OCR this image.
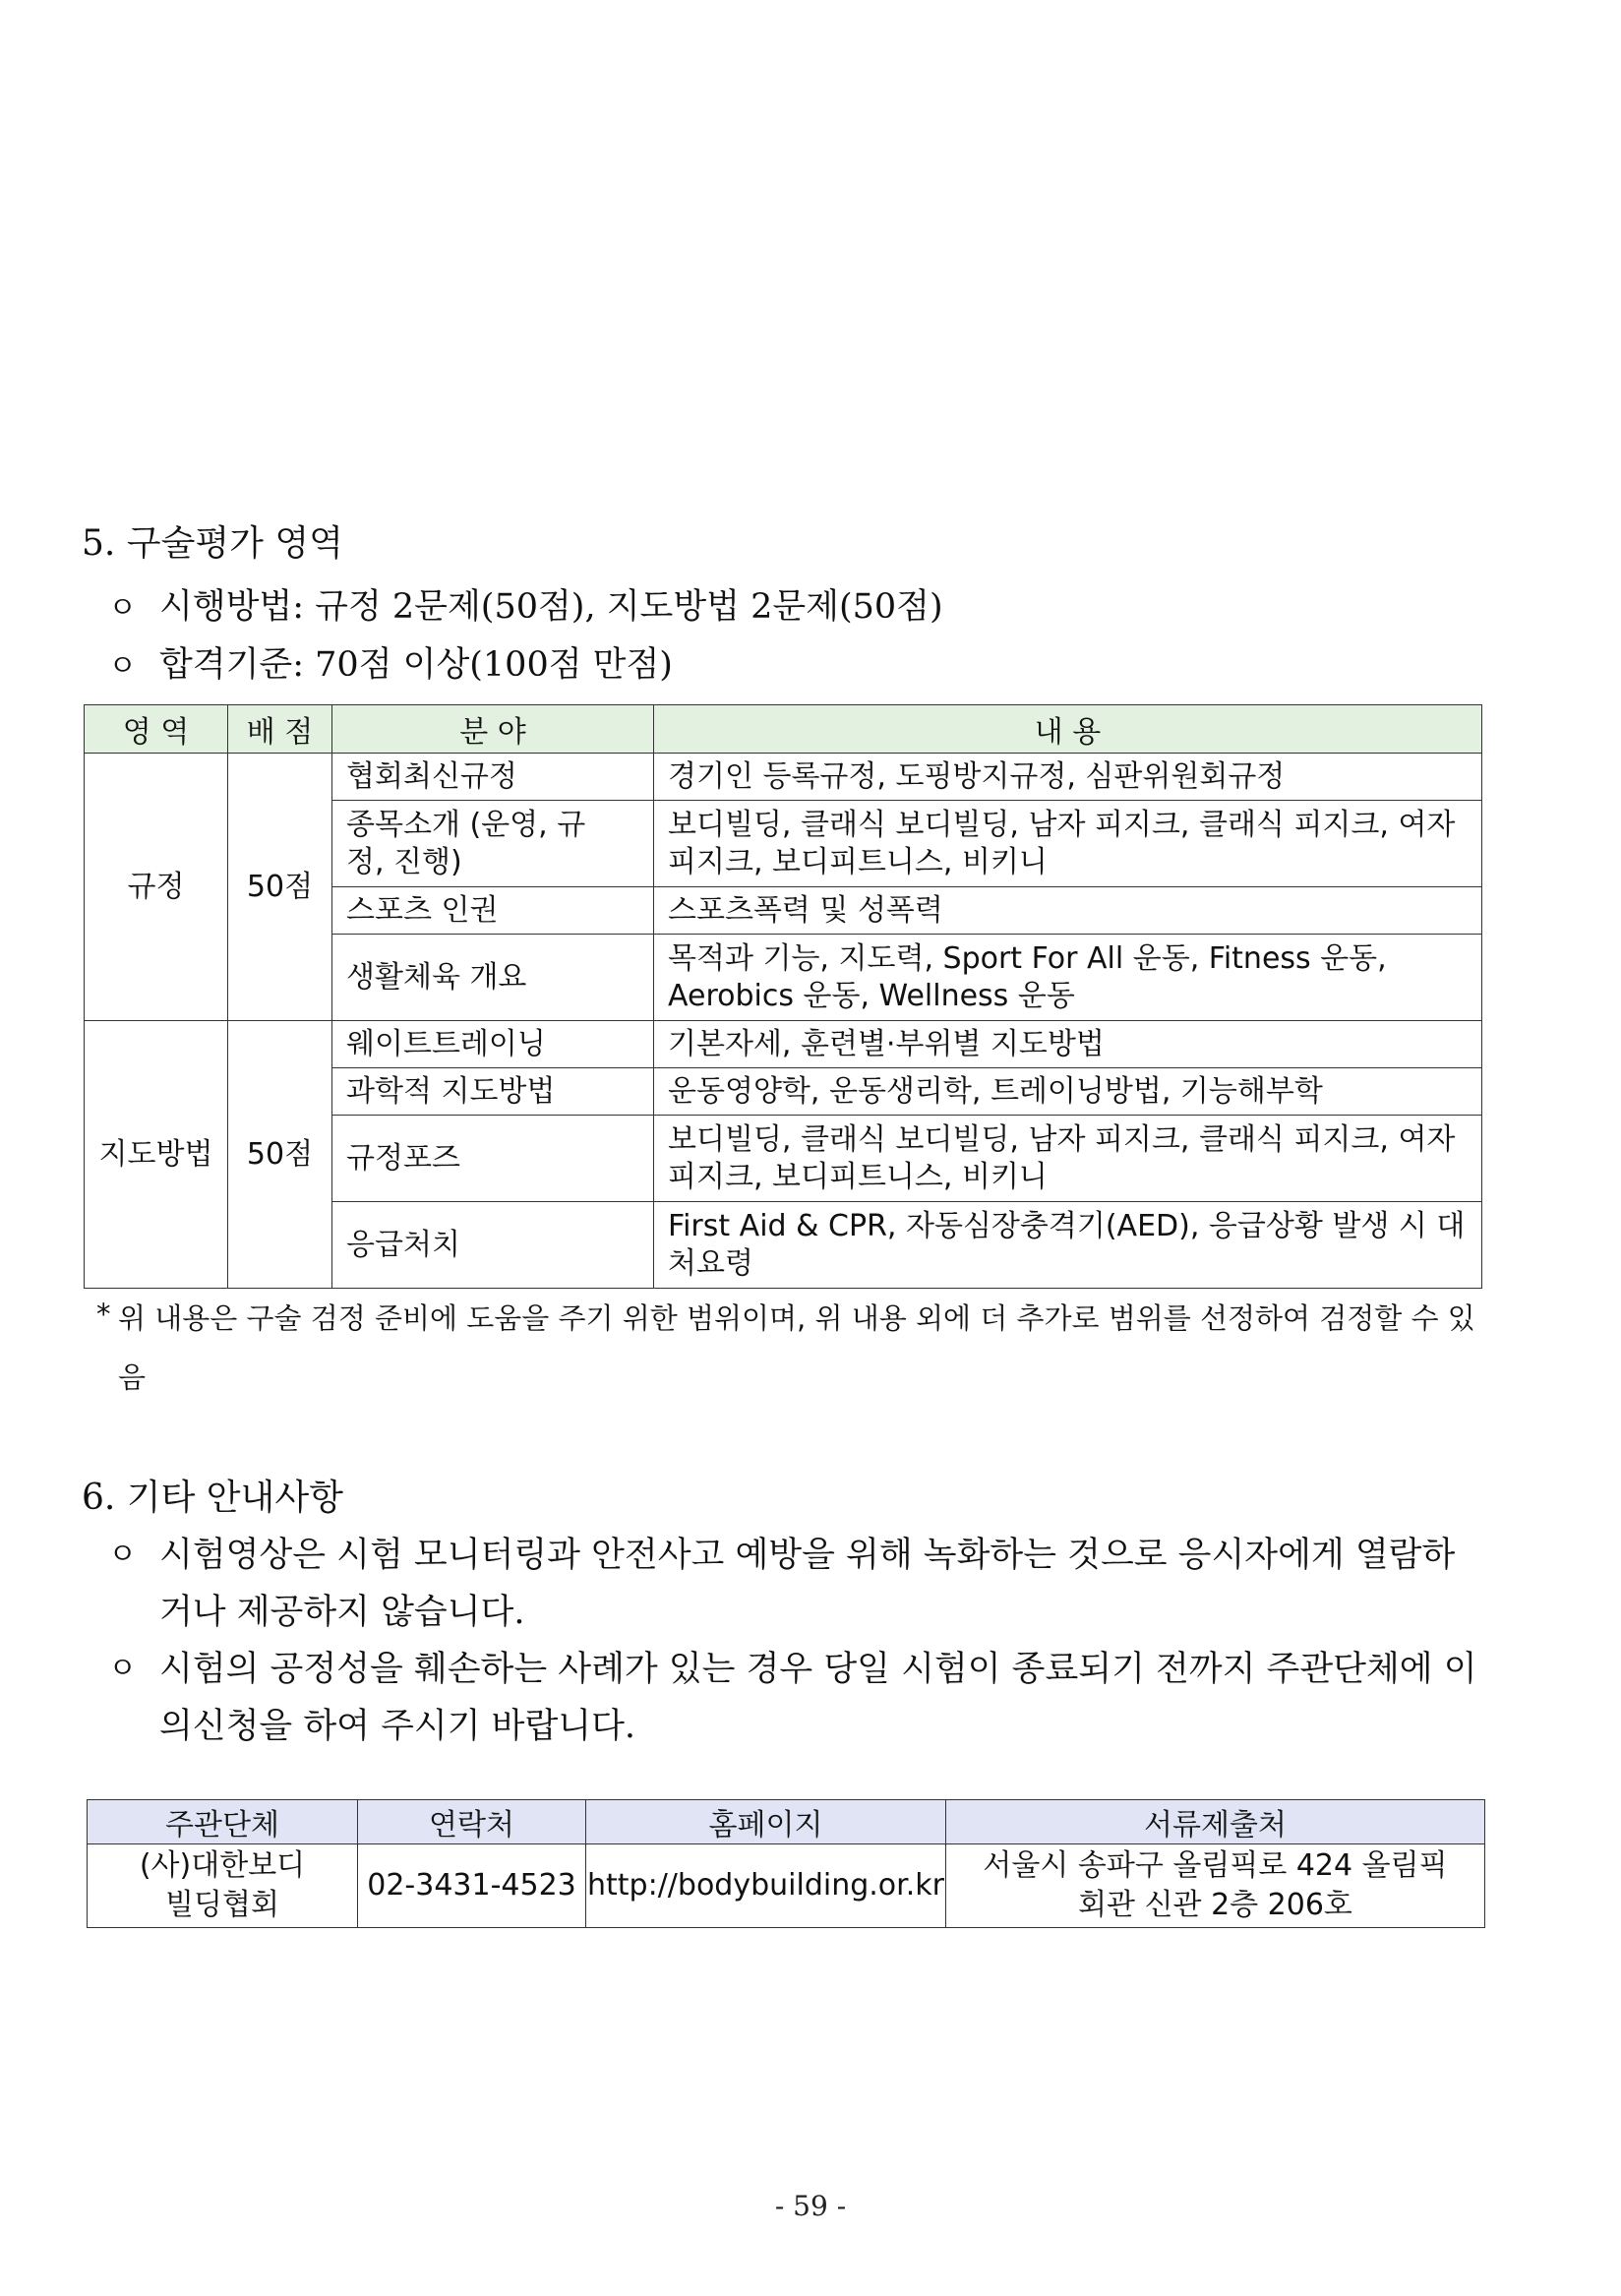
5. 구술평가 영역
ㅇ 시행방법: 규정 2문제(50점), 지도방법 2문제(50점)
ㅇ 합격기준: 70점 이상(100점 만점)
영 역	배 점	분 야	내 용
규정	50점	협회최신규정	경기인 등록규정, 도핑방지규정, 심판위원회규정
		종목소개 (운영, 규정, 진행)	보디빌딩, 클래식 보디빌딩, 남자 피지크, 클래식 피지크, 여자 피지크, 보디피트니스, 비키니
		스포츠 인권	스포츠폭력 및 성폭력
		생활체육 개요	목적과 기능, 지도력, Sport For All 운동, Fitness 운동, Aerobics 운동, Wellness 운동
지도방법	50점	웨이트트레이닝	기본자세, 훈련별·부위별 지도방법
		과학적 지도방법	운동영양학, 운동생리학, 트레이닝방법, 기능해부학
		규정포즈	보디빌딩, 클래식 보디빌딩, 남자 피지크, 클래식 피지크, 여자 피지크, 보디피트니스, 비키니
		응급처치	First Aid & CPR, 자동심장충격기(AED), 응급상황 발생 시 대처요령
* 위 내용은 구술 검정 준비에 도움을 주기 위한 범위이며, 위 내용 외에 더 추가로 범위를 선정하여 검정할 수 있음
6. 기타 안내사항
ㅇ 시험영상은 시험 모니터링과 안전사고 예방을 위해 녹화하는 것으로 응시자에게 열람하거나 제공하지 않습니다.
ㅇ 시험의 공정성을 훼손하는 사례가 있는 경우 당일 시험이 종료되기 전까지 주관단체에 이의신청을 하여 주시기 바랍니다.
주관단체	연락처	홈페이지	서류제출처
(사)대한보디 빌딩협회	02-3431-4523	http://bodybuilding.or.kr	서울시 송파구 올림픽로 424 올림픽회관 신관 2층 206호
- 59 -
